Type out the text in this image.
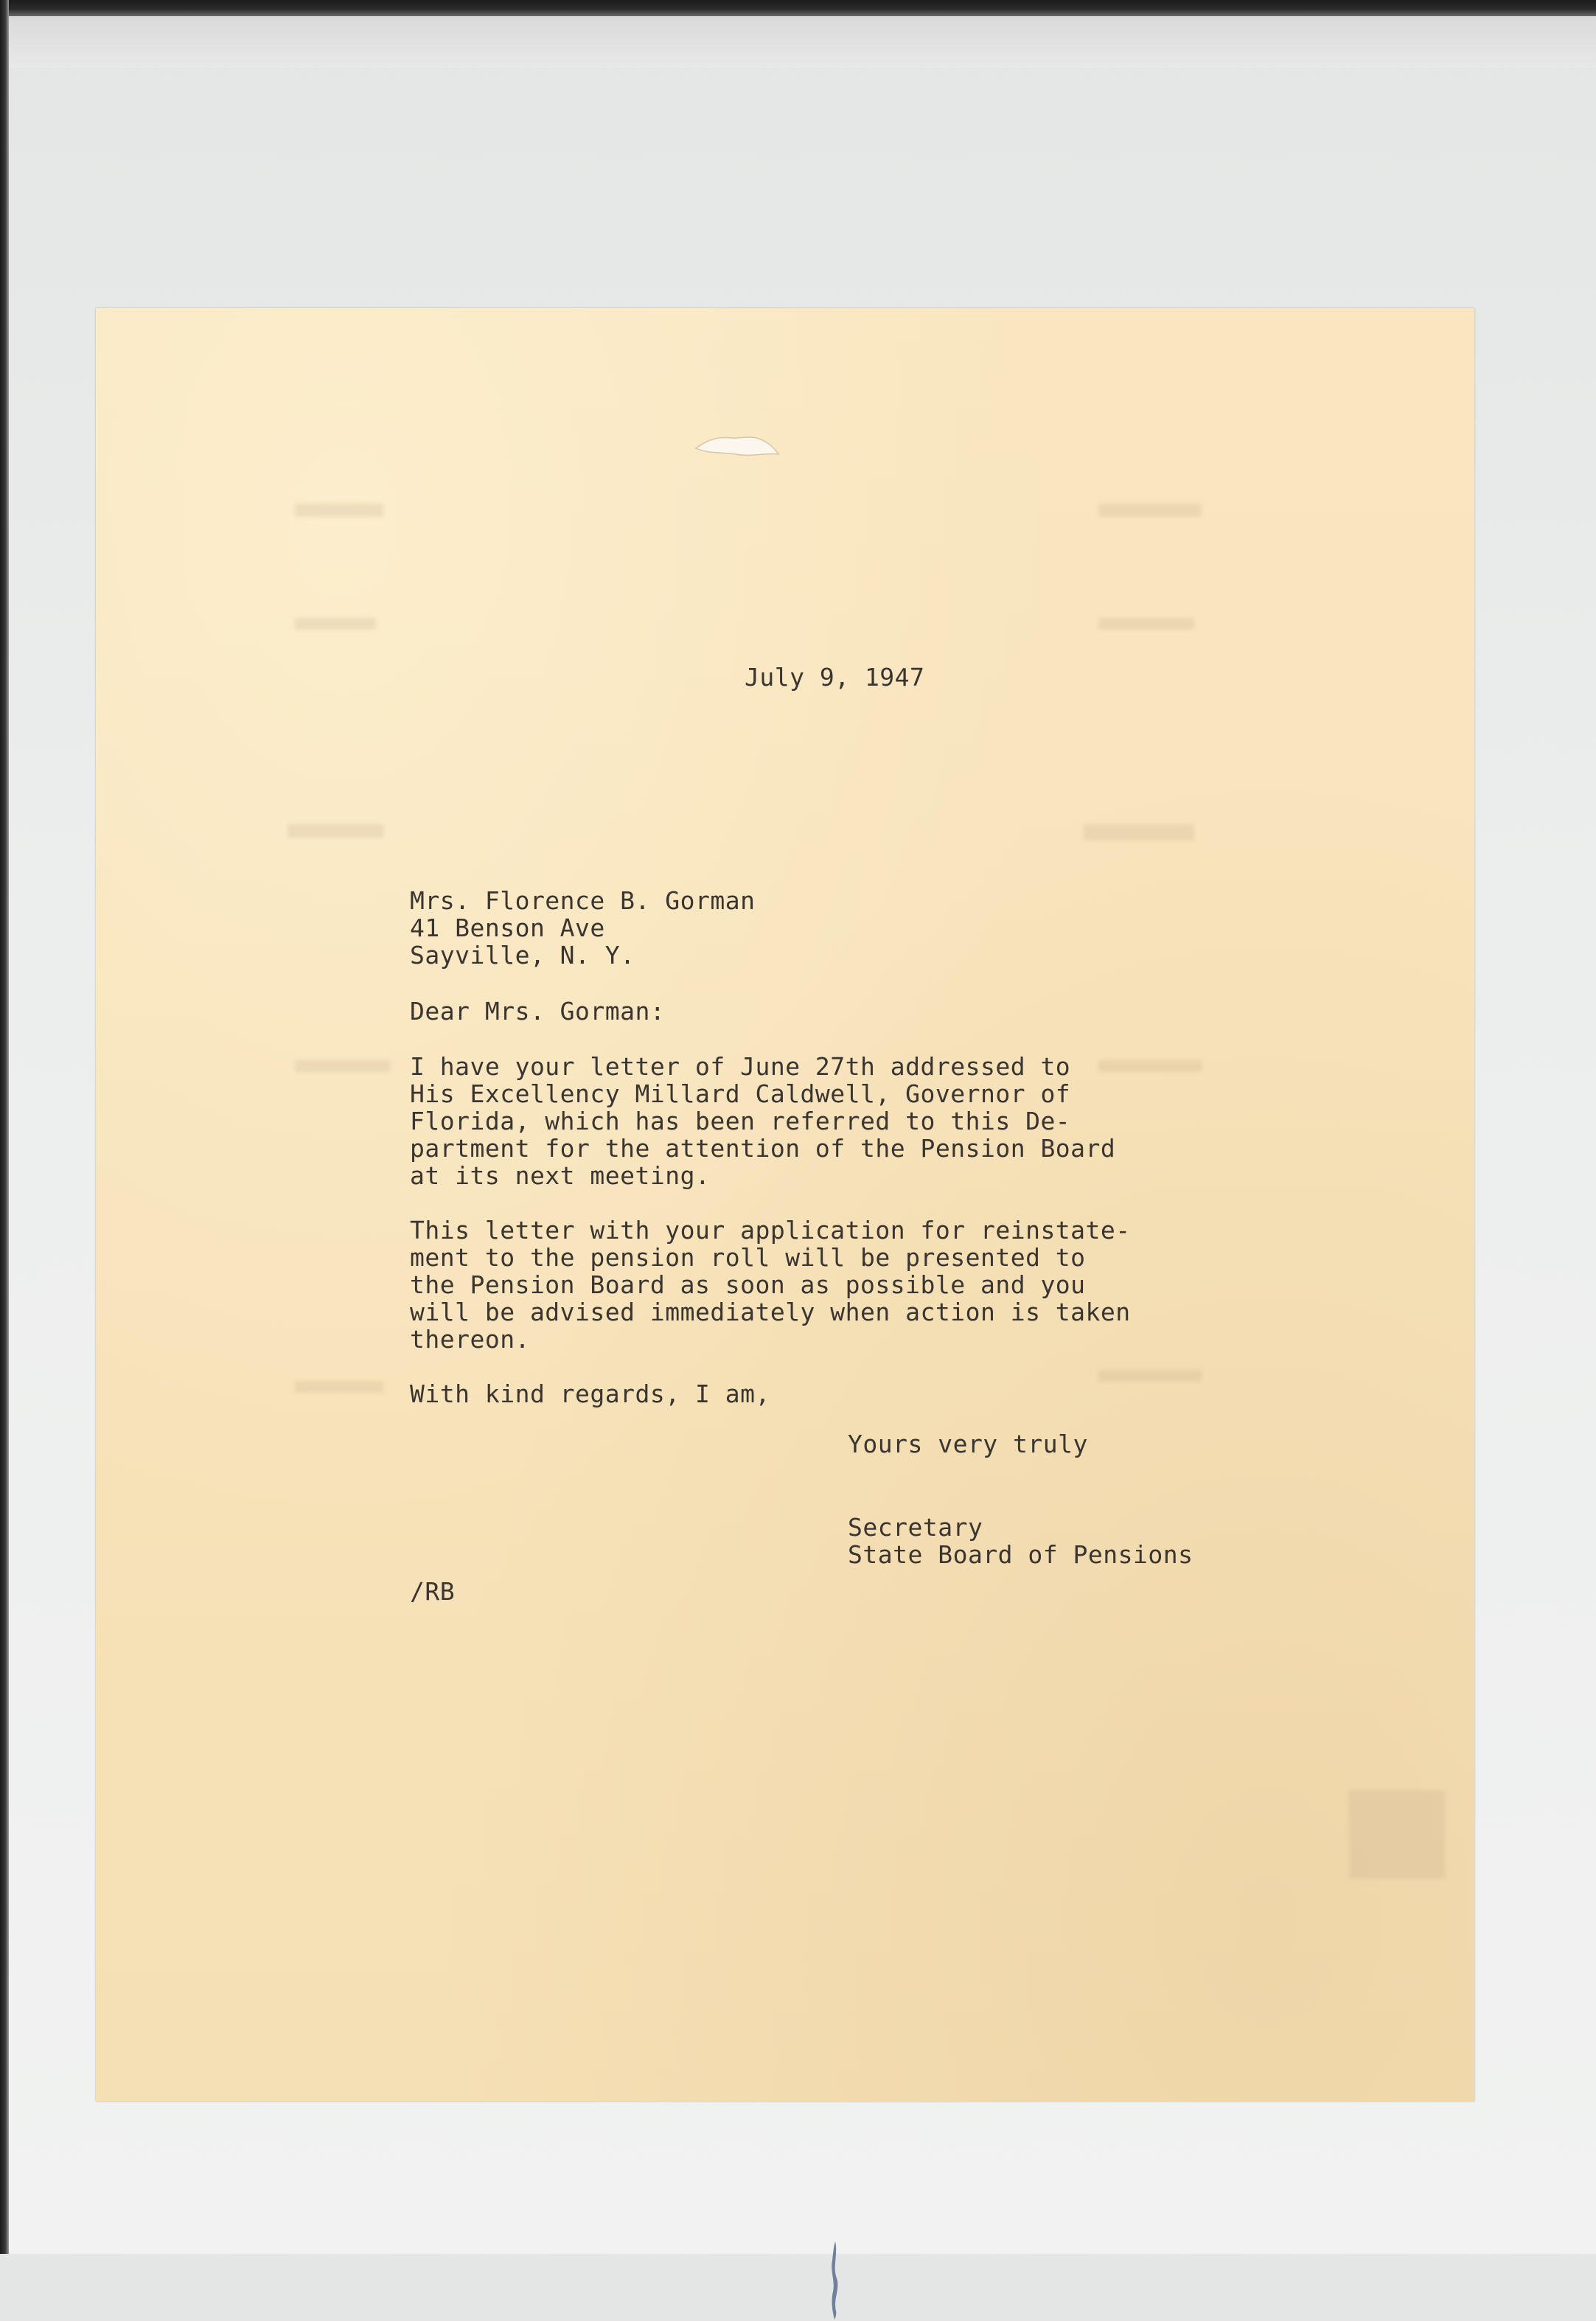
July 9, 1947

Mrs. Florence B. Gorman
41 Benson Ave
Sayville, N. Y.

Dear Mrs. Gorman:

I have your letter of June 27th addressed to
His Excellency Millard Caldwell, Governor of
Florida, which has been referred to this De-
partment for the attention of the Pension Board
at its next meeting.
This letter with your application for reinstate-
ment to the pension roll will be presented to
the Pension Board as soon as possible and you
will be advised immediately when action is taken
thereon.

With kind regards, I am,

Yours very truly

Secretary
State Board of Pensions

/RB
